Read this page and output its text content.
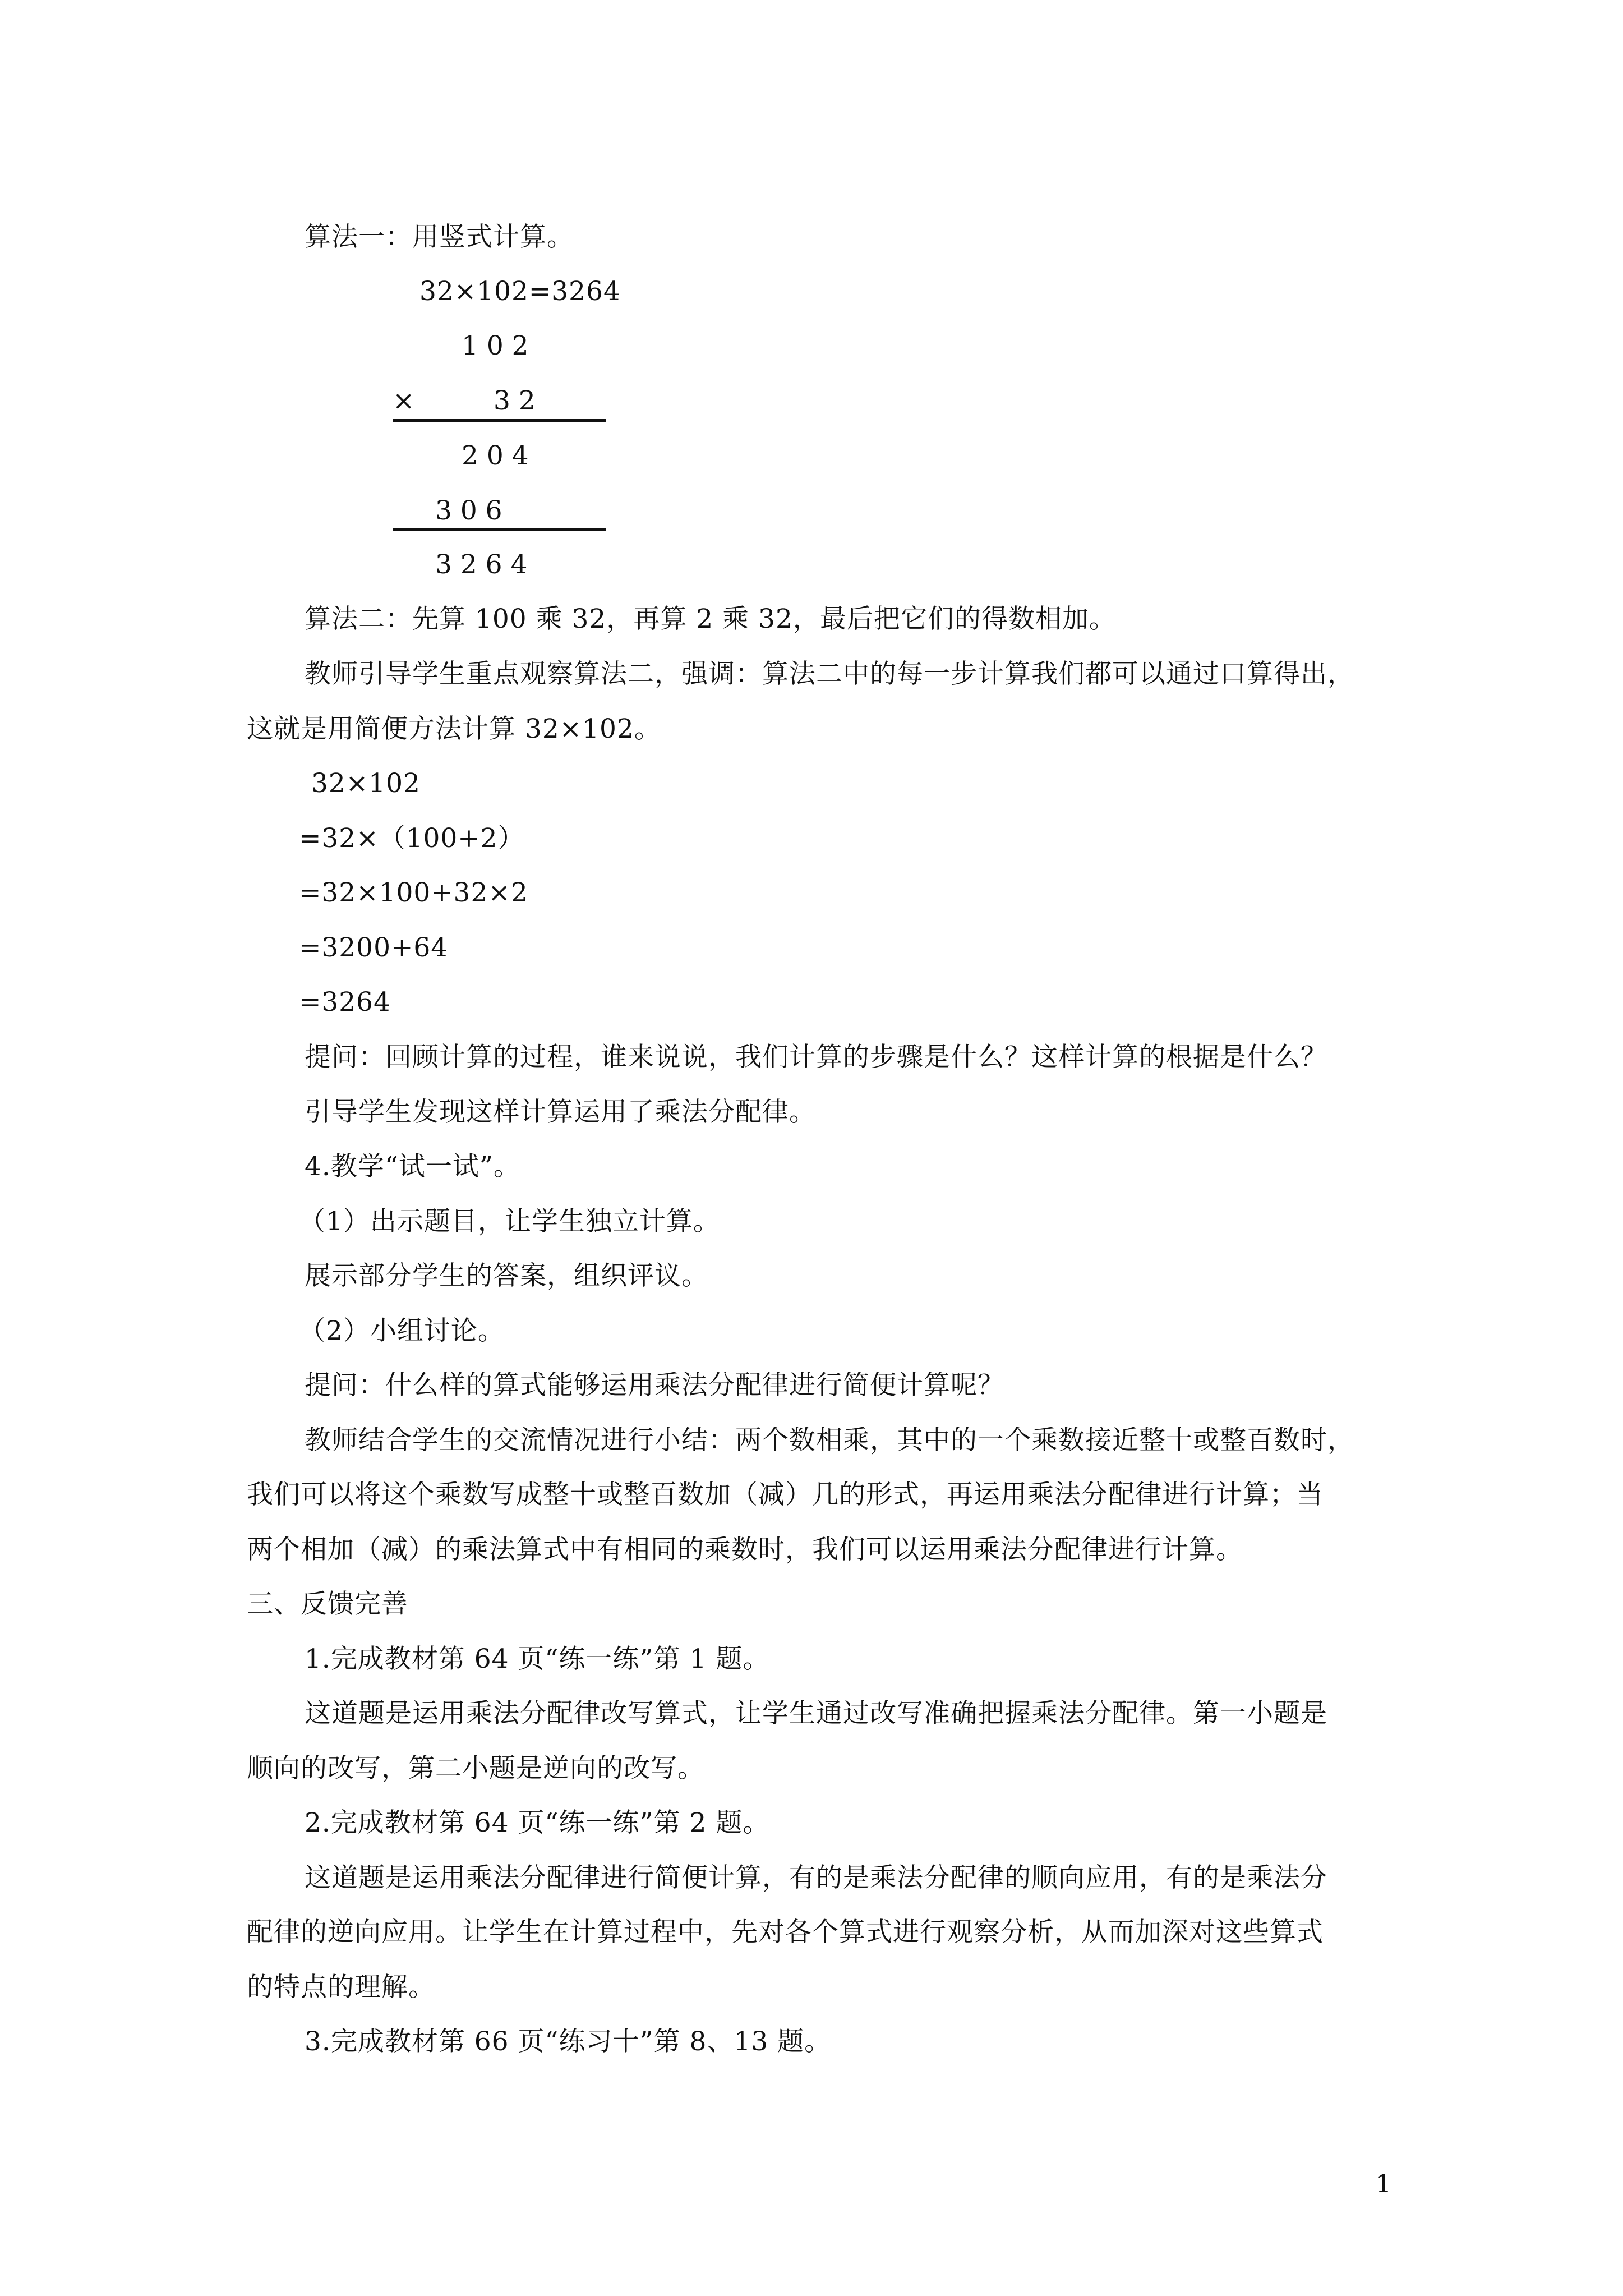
算法一：用竖式计算。
32×102=3264
1 0 2
×	3 2
2 0 4
3 0 6
3 2 6 4
算法二：先算 100 乘 32，再算 2 乘 32，最后把它们的得数相加。
教师引导学生重点观察算法二，强调：算法二中的每一步计算我们都可以通过口算得出，
这就是用简便方法计算 32×102。
32×102
=32×（100+2）
=32×100+32×2
=3200+64
=3264
提问：回顾计算的过程，谁来说说，我们计算的步骤是什么？这样计算的根据是什么？
引导学生发现这样计算运用了乘法分配律。
4.教学“试一试”。
（1）出示题目，让学生独立计算。
展示部分学生的答案，组织评议。
（2）小组讨论。
提问：什么样的算式能够运用乘法分配律进行简便计算呢？
教师结合学生的交流情况进行小结：两个数相乘，其中的一个乘数接近整十或整百数时，
我们可以将这个乘数写成整十或整百数加（减）几的形式，再运用乘法分配律进行计算；当
两个相加（减）的乘法算式中有相同的乘数时，我们可以运用乘法分配律进行计算。
三、反馈完善
1.完成教材第 64 页“练一练”第 1 题。
这道题是运用乘法分配律改写算式，让学生通过改写准确把握乘法分配律。第一小题是
顺向的改写，第二小题是逆向的改写。
2.完成教材第 64 页“练一练”第 2 题。
这道题是运用乘法分配律进行简便计算，有的是乘法分配律的顺向应用，有的是乘法分
配律的逆向应用。让学生在计算过程中，先对各个算式进行观察分析，从而加深对这些算式
的特点的理解。
3.完成教材第 66 页“练习十”第 8、13 题。
1
